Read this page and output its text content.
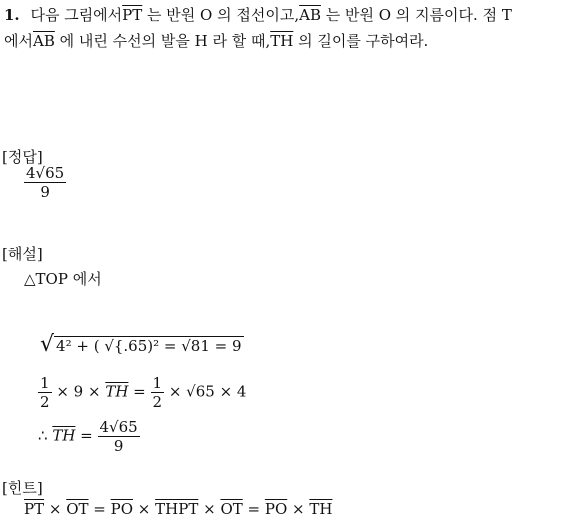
1. 다음 그림에서$\overline{PT}$ 는 반원 O 의 접선이고$,\overline{AB}$ 는 반원 O 의 지름이다. 점 T
에서$\overline{AB}$ 에 내린 수선의 발을 H 라 할 때$,\overline{TH}$ 의 길이를 구하여라.
[정답]
$\frac{4√65}{9}$
[해설]
△TOP 에서
√ 4² + ( √{.65)² = √81 = 9
$\frac{1}{2} \times 9 \times \overline{TH} = \frac{1}{2} \times √65 \times 4$
∴ $\overline{TH} = \frac{4√65}{9}$
[힌트]
$\overline{PT} \times \overline{OT} = \overline{PO}$ × THPT × $\overline{OT} = \overline{PO} \times \overline{TH}$
